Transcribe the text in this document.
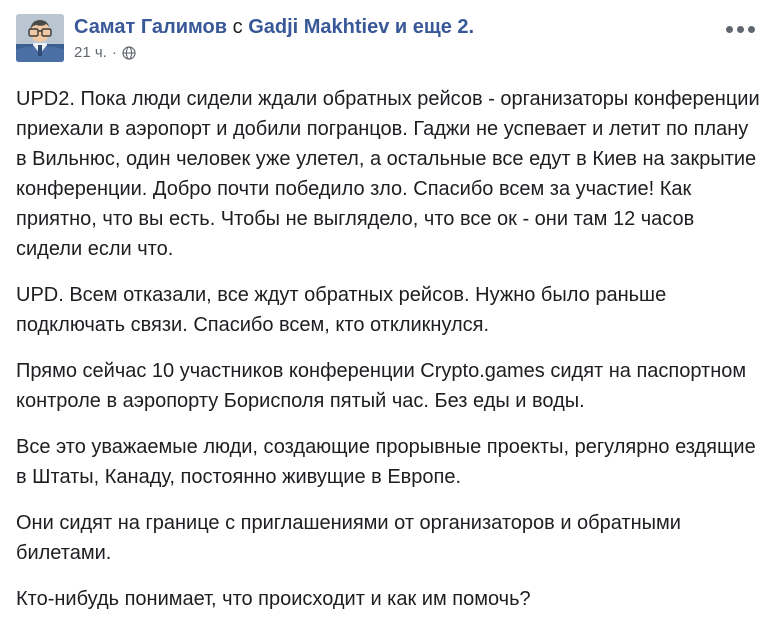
Самат Галимов с Gadji Makhtiev и еще 2.
21 ч. ·

UPD2. Пока люди сидели ждали обратных рейсов - организаторы конференции приехали в аэропорт и добили погранцов. Гаджи не успевает и летит по плану в Вильнюс, один человек уже улетел, а остальные все едут в Киев на закрытие конференции. Добро почти победило зло. Спасибо всем за участие! Как приятно, что вы есть. Чтобы не выглядело, что все ок - они там 12 часов сидели если что.

UPD. Всем отказали, все ждут обратных рейсов. Нужно было раньше подключать связи. Спасибо всем, кто откликнулся.

Прямо сейчас 10 участников конференции Crypto.games сидят на паспортном контроле в аэропорту Борисполя пятый час. Без еды и воды.

Все это уважаемые люди, создающие прорывные проекты, регулярно ездящие в Штаты, Канаду, постоянно живущие в Европе.

Они сидят на границе с приглашениями от организаторов и обратными билетами.

Кто-нибудь понимает, что происходит и как им помочь?
